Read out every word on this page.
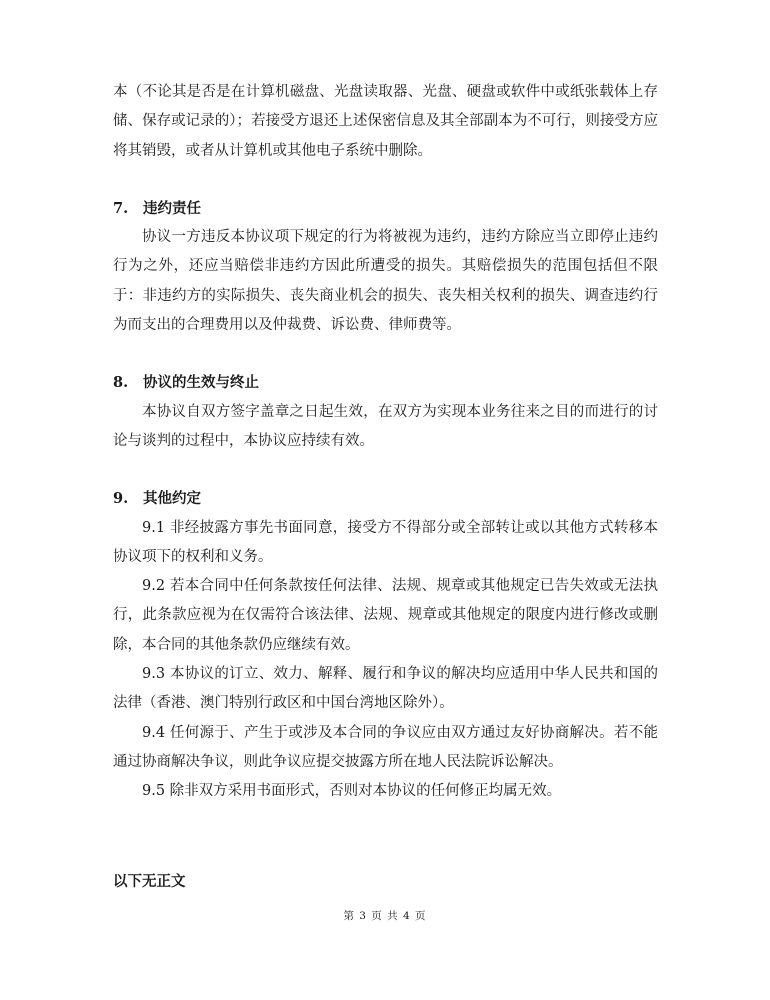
本（不论其是否是在计算机磁盘、光盘读取器、光盘、硬盘或软件中或纸张载体上存储、保存或记录的）；若接受方退还上述保密信息及其全部副本为不可行，则接受方应将其销毁，或者从计算机或其他电子系统中删除。

7.	违约责任

协议一方违反本协议项下规定的行为将被视为违约，违约方除应当立即停止违约行为之外，还应当赔偿非违约方因此所遭受的损失。其赔偿损失的范围包括但不限于：非违约方的实际损失、丧失商业机会的损失、丧失相关权利的损失、调查违约行为而支出的合理费用以及仲裁费、诉讼费、律师费等。

8.	协议的生效与终止

本协议自双方签字盖章之日起生效，在双方为实现本业务往来之目的而进行的讨论与谈判的过程中，本协议应持续有效。

9.	其他约定

9.1 非经披露方事先书面同意，接受方不得部分或全部转让或以其他方式转移本协议项下的权利和义务。

9.2 若本合同中任何条款按任何法律、法规、规章或其他规定已告失效或无法执行，此条款应视为在仅需符合该法律、法规、规章或其他规定的限度内进行修改或删除，本合同的其他条款仍应继续有效。

9.3 本协议的订立、效力、解释、履行和争议的解决均应适用中华人民共和国的法律（香港、澳门特别行政区和中国台湾地区除外）。

9.4 任何源于、产生于或涉及本合同的争议应由双方通过友好协商解决。若不能通过协商解决争议，则此争议应提交披露方所在地人民法院诉讼解决。

9.5 除非双方采用书面形式，否则对本协议的任何修正均属无效。

以下无正文
第 3 页 共 4 页
